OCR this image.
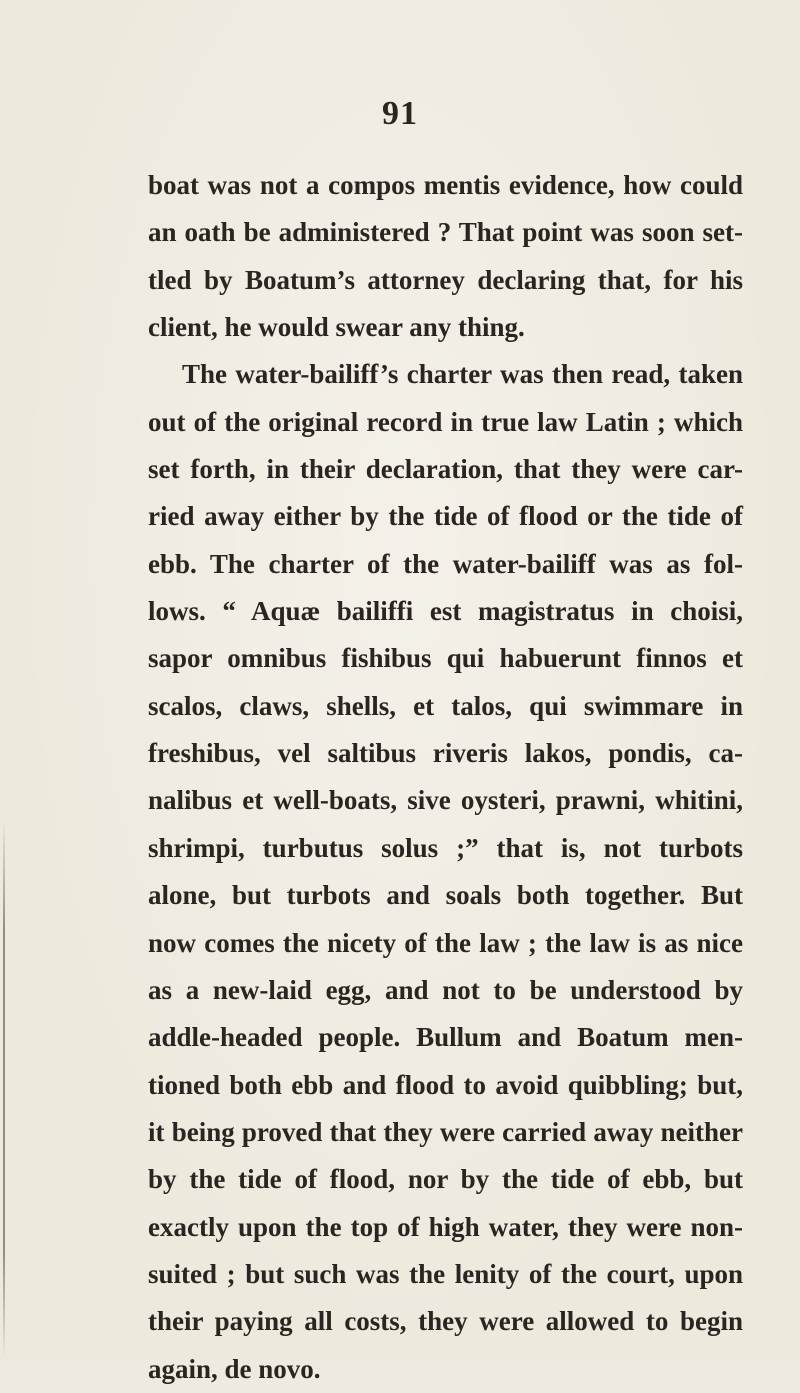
91
boat was not a compos mentis evidence, how could
an oath be administered ? That point was soon set-
tled by Boatum’s attorney declaring that, for his
client, he would swear any thing.
The water-bailiff’s charter was then read, taken
out of the original record in true law Latin ; which
set forth, in their declaration, that they were car-
ried away either by the tide of flood or the tide of
ebb. The charter of the water-bailiff was as fol-
lows. “ Aquæ bailiffi est magistratus in choisi,
sapor omnibus fishibus qui habuerunt finnos et
scalos, claws, shells, et talos, qui swimmare in
freshibus, vel saltibus riveris lakos, pondis, ca-
nalibus et well-boats, sive oysteri, prawni, whitini,
shrimpi, turbutus solus ;” that is, not turbots
alone, but turbots and soals both together. But
now comes the nicety of the law ; the law is as nice
as a new-laid egg, and not to be understood by
addle-headed people. Bullum and Boatum men-
tioned both ebb and flood to avoid quibbling; but,
it being proved that they were carried away neither
by the tide of flood, nor by the tide of ebb, but
exactly upon the top of high water, they were non-
suited ; but such was the lenity of the court, upon
their paying all costs, they were allowed to begin
again, de novo.
